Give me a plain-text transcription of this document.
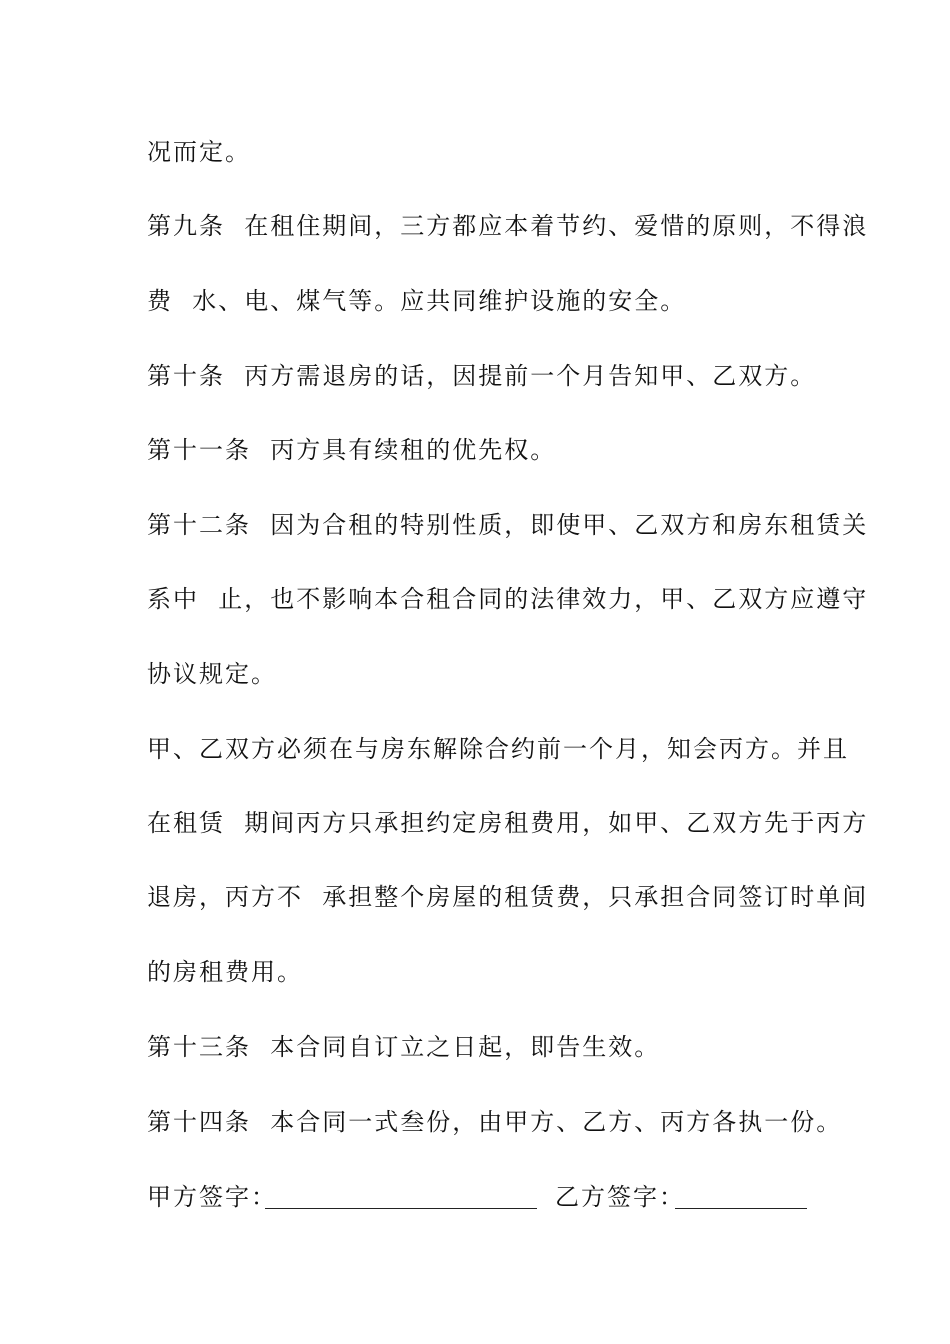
况而定。
第九条  在租住期间，三方都应本着节约、爱惜的原则，不得浪
费  水、电、煤气等。应共同维护设施的安全。
第十条  丙方需退房的话，因提前一个月告知甲、乙双方。
第十一条  丙方具有续租的优先权。
第十二条  因为合租的特别性质，即使甲、乙双方和房东租赁关
系中  止，也不影响本合租合同的法律效力，甲、乙双方应遵守
协议规定。
甲、乙双方必须在与房东解除合约前一个月，知会丙方。并且
在租赁  期间丙方只承担约定房租费用，如甲、乙双方先于丙方
退房，丙方不  承担整个房屋的租赁费，只承担合同签订时单间
的房租费用。
第十三条  本合同自订立之日起，即告生效。
第十四条  本合同一式叁份，由甲方、乙方、丙方各执一份。
甲方签字：	乙方签字：
